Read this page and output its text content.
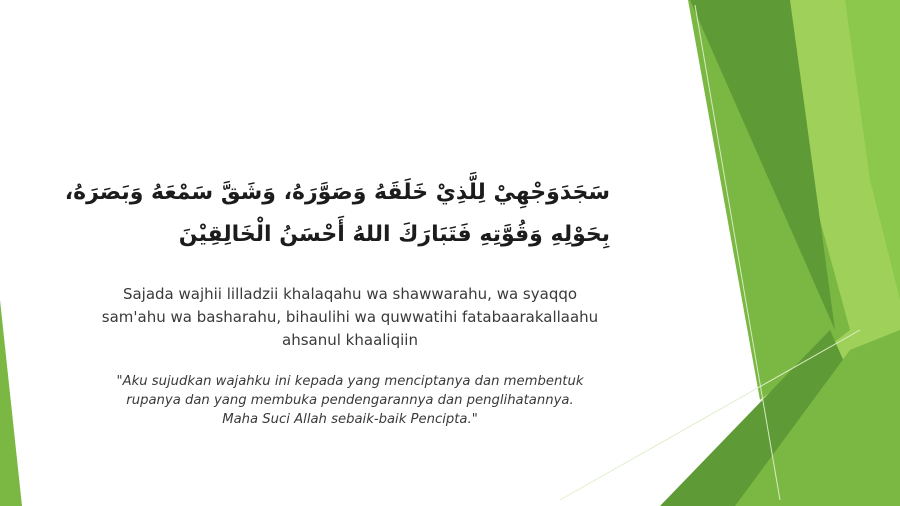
سَجَدَوَجْهِيْ لِلَّذِيْ خَلَقَهُ وَصَوَّرَهُ، وَشَقَّ سَمْعَهُ وَبَصَرَهُ،
بِحَوْلِهِ وَقُوَّتِهِ فَتَبَارَكَ اللهُ أَحْسَنُ الْخَالِقِيْنَ
Sajada wajhii lilladzii khalaqahu wa shawwarahu, wa syaqqo
sam'ahu wa basharahu, bihaulihi wa quwwatihi fatabaarakallaahu
ahsanul khaaliqiin
"Aku sujudkan wajahku ini kepada yang menciptanya dan membentuk
rupanya dan yang membuka pendengarannya dan penglihatannya.
Maha Suci Allah sebaik-baik Pencipta."
